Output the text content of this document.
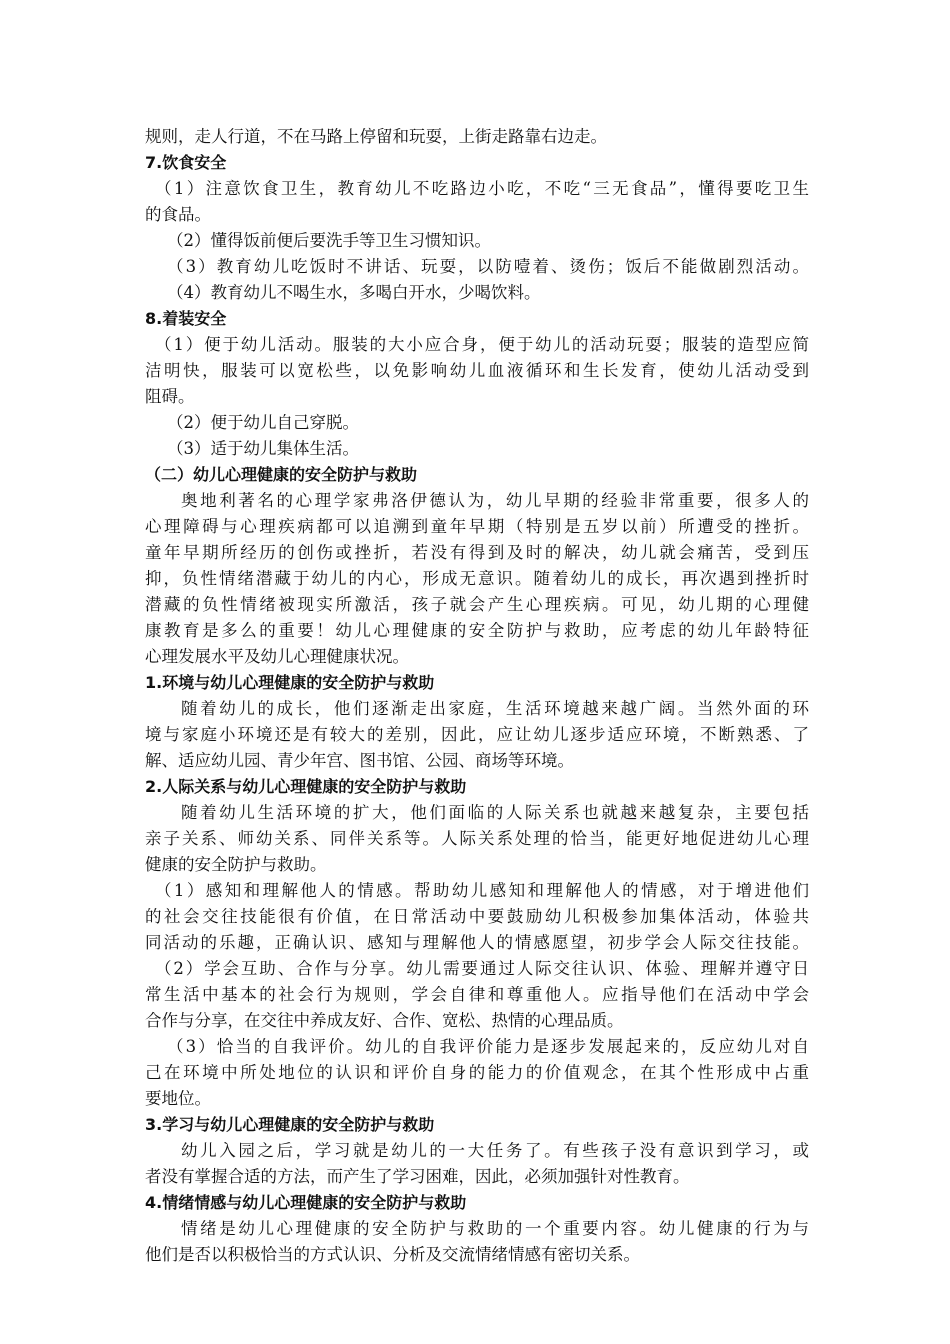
规则，走人行道，不在马路上停留和玩耍，上街走路靠右边走。
7.饮食安全
（1）注意饮食卫生，教育幼儿不吃路边小吃，不吃“三无食品”，懂得要吃卫生
的食品。
（2）懂得饭前便后要洗手等卫生习惯知识。
（3）教育幼儿吃饭时不讲话、玩耍，以防噎着、烫伤；饭后不能做剧烈活动。
（4）教育幼儿不喝生水，多喝白开水，少喝饮料。
8.着装安全
（1）便于幼儿活动。服装的大小应合身，便于幼儿的活动玩耍；服装的造型应简
洁明快，服装可以宽松些，以免影响幼儿血液循环和生长发育，使幼儿活动受到
阻碍。
（2）便于幼儿自己穿脱。
（3）适于幼儿集体生活。
（二）幼儿心理健康的安全防护与救助
奥地利著名的心理学家弗洛伊德认为，幼儿早期的经验非常重要，很多人的
心理障碍与心理疾病都可以追溯到童年早期（特别是五岁以前）所遭受的挫折。
童年早期所经历的创伤或挫折，若没有得到及时的解决，幼儿就会痛苦，受到压
抑，负性情绪潜藏于幼儿的内心，形成无意识。随着幼儿的成长，再次遇到挫折时
潜藏的负性情绪被现实所激活，孩子就会产生心理疾病。可见，幼儿期的心理健
康教育是多么的重要！幼儿心理健康的安全防护与救助，应考虑的幼儿年龄特征
心理发展水平及幼儿心理健康状况。
1.环境与幼儿心理健康的安全防护与救助
随着幼儿的成长，他们逐渐走出家庭，生活环境越来越广阔。当然外面的环
境与家庭小环境还是有较大的差别，因此，应让幼儿逐步适应环境，不断熟悉、了
解、适应幼儿园、青少年宫、图书馆、公园、商场等环境。
2.人际关系与幼儿心理健康的安全防护与救助
随着幼儿生活环境的扩大，他们面临的人际关系也就越来越复杂，主要包括
亲子关系、师幼关系、同伴关系等。人际关系处理的恰当，能更好地促进幼儿心理
健康的安全防护与救助。
（1）感知和理解他人的情感。帮助幼儿感知和理解他人的情感，对于增进他们
的社会交往技能很有价值，在日常活动中要鼓励幼儿积极参加集体活动，体验共
同活动的乐趣，正确认识、感知与理解他人的情感愿望，初步学会人际交往技能。
（2）学会互助、合作与分享。幼儿需要通过人际交往认识、体验、理解并遵守日
常生活中基本的社会行为规则，学会自律和尊重他人。应指导他们在活动中学会
合作与分享，在交往中养成友好、合作、宽松、热情的心理品质。
（3）恰当的自我评价。幼儿的自我评价能力是逐步发展起来的，反应幼儿对自
己在环境中所处地位的认识和评价自身的能力的价值观念，在其个性形成中占重
要地位。
3.学习与幼儿心理健康的安全防护与救助
幼儿入园之后，学习就是幼儿的一大任务了。有些孩子没有意识到学习，或
者没有掌握合适的方法，而产生了学习困难，因此，必须加强针对性教育。
4.情绪情感与幼儿心理健康的安全防护与救助
情绪是幼儿心理健康的安全防护与救助的一个重要内容。幼儿健康的行为与
他们是否以积极恰当的方式认识、分析及交流情绪情感有密切关系。
